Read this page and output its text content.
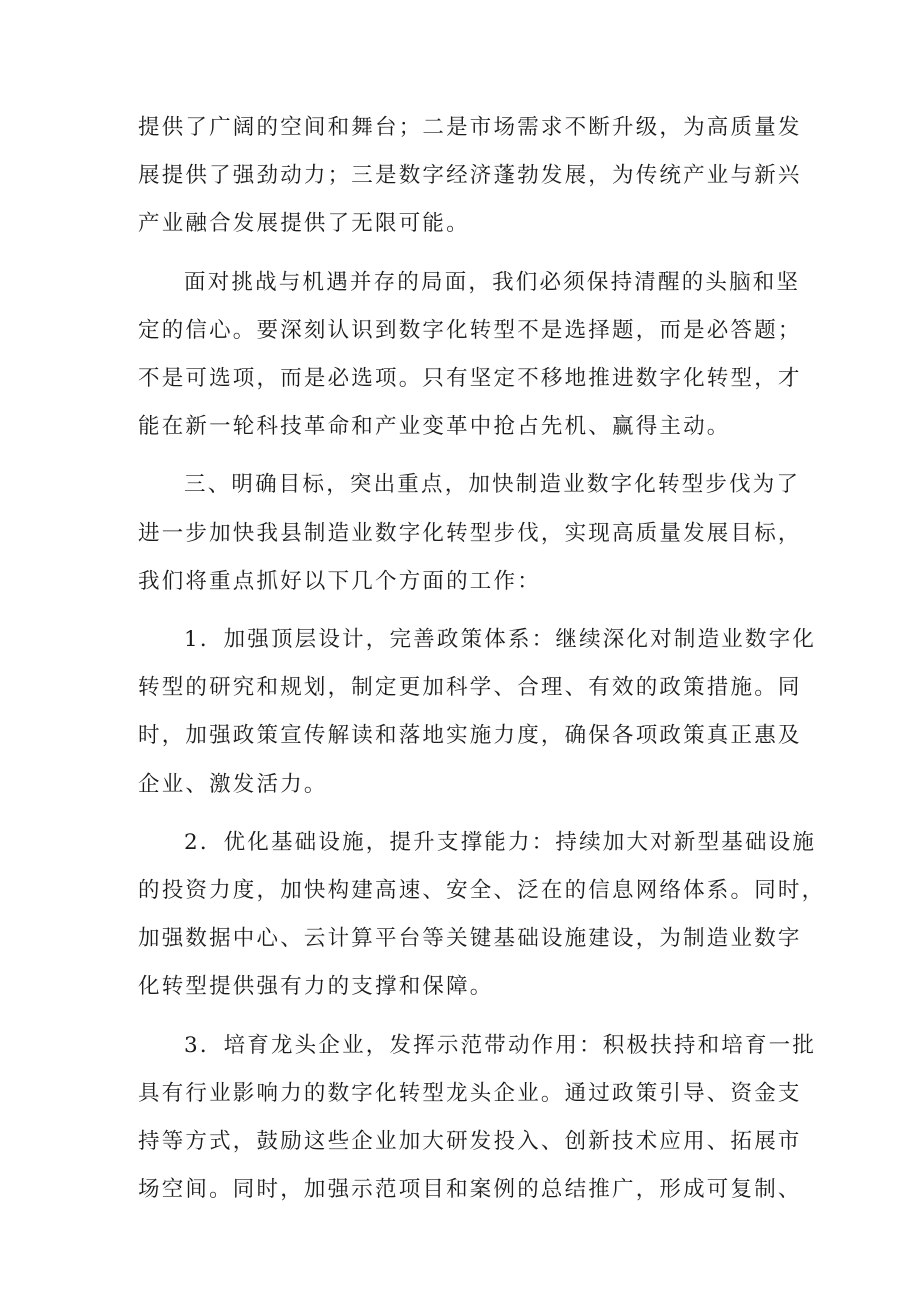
提供了广阔的空间和舞台；二是市场需求不断升级，为高质量发
展提供了强劲动力；三是数字经济蓬勃发展，为传统产业与新兴
产业融合发展提供了无限可能。

面对挑战与机遇并存的局面，我们必须保持清醒的头脑和坚
定的信心。要深刻认识到数字化转型不是选择题，而是必答题；
不是可选项，而是必选项。只有坚定不移地推进数字化转型，才
能在新一轮科技革命和产业变革中抢占先机、赢得主动。

三、明确目标，突出重点，加快制造业数字化转型步伐为了
进一步加快我县制造业数字化转型步伐，实现高质量发展目标，
我们将重点抓好以下几个方面的工作：

1．加强顶层设计，完善政策体系：继续深化对制造业数字化
转型的研究和规划，制定更加科学、合理、有效的政策措施。同
时，加强政策宣传解读和落地实施力度，确保各项政策真正惠及
企业、激发活力。

2．优化基础设施，提升支撑能力：持续加大对新型基础设施
的投资力度，加快构建高速、安全、泛在的信息网络体系。同时，
加强数据中心、云计算平台等关键基础设施建设，为制造业数字
化转型提供强有力的支撑和保障。

3．培育龙头企业，发挥示范带动作用：积极扶持和培育一批
具有行业影响力的数字化转型龙头企业。通过政策引导、资金支
持等方式，鼓励这些企业加大研发投入、创新技术应用、拓展市
场空间。同时，加强示范项目和案例的总结推广，形成可复制、
